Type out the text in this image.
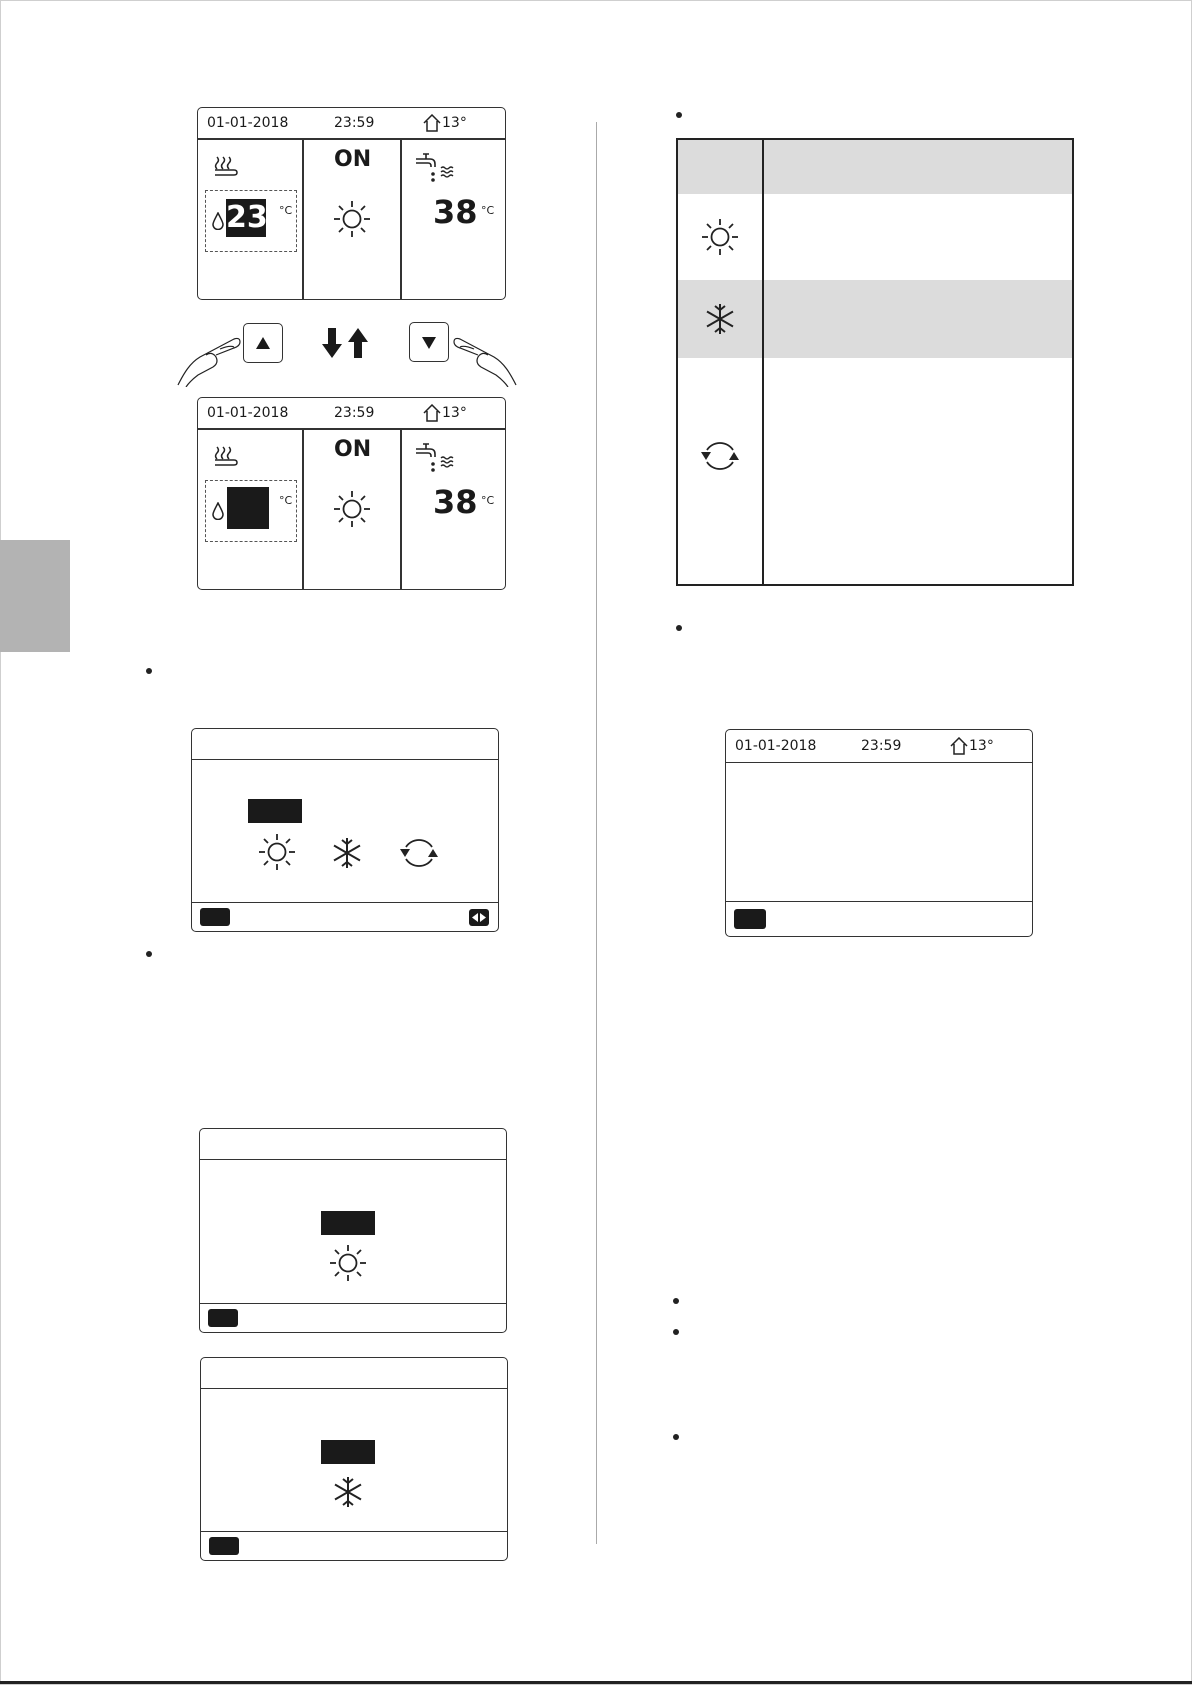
01-01-2018	23:59	13°
23 °C
ON
38 °C
01-01-2018	23:59	13°
°C
ON
38 °C
01-01-2018	23:59	13°
